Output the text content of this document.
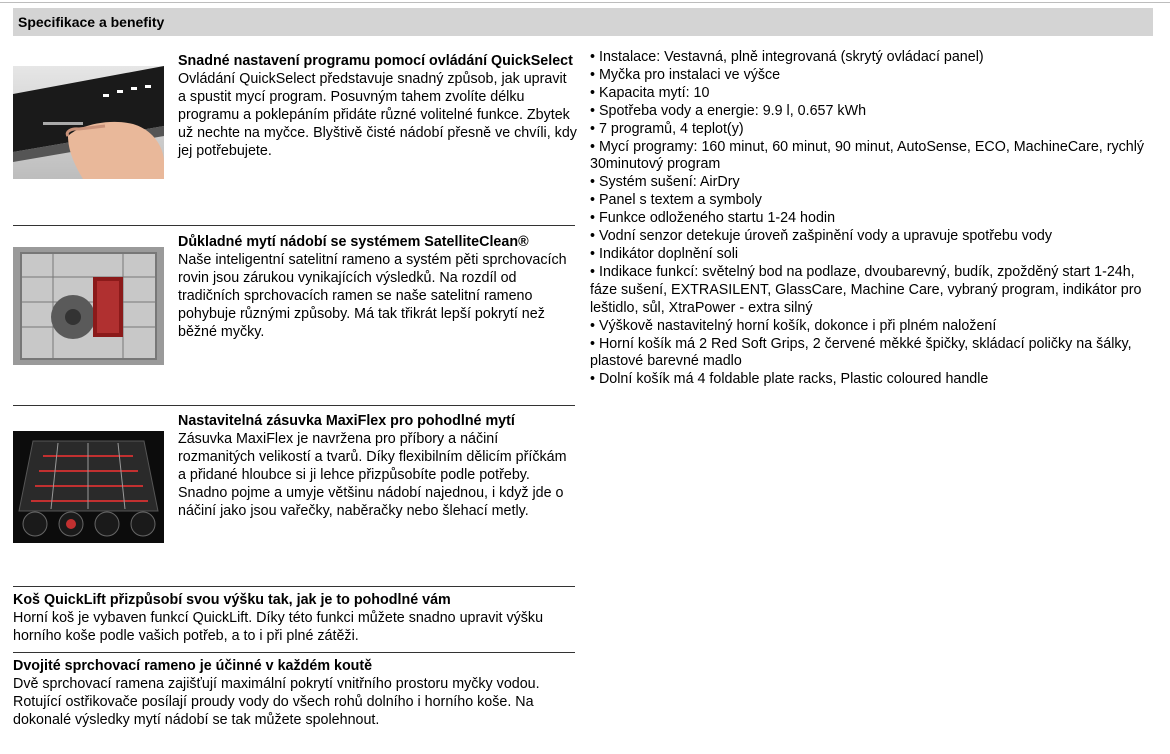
Specifikace a benefity
Snadné nastavení programu pomocí ovládání QuickSelect
Ovládání QuickSelect představuje snadný způsob, jak upravit a spustit mycí program. Posuvným tahem zvolíte délku programu a poklepáním přidáte různé volitelné funkce. Zbytek už nechte na myčce. Blyštivě čisté nádobí přesně ve chvíli, kdy jej potřebujete.
Důkladné mytí nádobí se systémem SatelliteClean®
Naše inteligentní satelitní rameno a systém pěti sprchovacích rovin jsou zárukou vynikajících výsledků. Na rozdíl od tradičních sprchovacích ramen se naše satelitní rameno pohybuje různými způsoby. Má tak třikrát lepší pokrytí než běžné myčky.
Nastavitelná zásuvka MaxiFlex pro pohodlné mytí
Zásuvka MaxiFlex je navržena pro příbory a náčiní rozmanitých velikostí a tvarů. Díky flexibilním dělicím příčkám a přidané hloubce si ji lehce přizpůsobíte podle potřeby. Snadno pojme a umyje většinu nádobí najednou, i když jde o náčiní jako jsou vařečky, naběračky nebo šlehací metly.
Koš QuickLift přizpůsobí svou výšku tak, jak je to pohodlné vám
Horní koš je vybaven funkcí QuickLift. Díky této funkci můžete snadno upravit výšku horního koše podle vašich potřeb, a to i při plné zátěži.
Dvojité sprchovací rameno je účinné v každém koutě
Dvě sprchovací ramena zajišťují maximální pokrytí vnitřního prostoru myčky vodou. Rotující ostřikovače posílají proudy vody do všech rohů dolního i horního koše. Na dokonalé výsledky mytí nádobí se tak můžete spolehnout.
• Instalace: Vestavná, plně integrovaná (skrytý ovládací panel)
• Myčka pro instalaci ve výšce
• Kapacita mytí: 10
• Spotřeba vody a energie: 9.9 l, 0.657 kWh
• 7 programů, 4 teplot(y)
• Mycí programy: 160 minut, 60 minut, 90 minut, AutoSense, ECO, MachineCare, rychlý 30minutový program
• Systém sušení: AirDry
• Panel s textem a symboly
• Funkce odloženého startu 1-24 hodin
• Vodní senzor detekuje úroveň zašpinění vody a upravuje spotřebu vody
• Indikátor doplnění soli
• Indikace funkcí: světelný bod na podlaze, dvoubarevný, budík, zpožděný start 1-24h, fáze sušení, EXTRASILENT, GlassCare, Machine Care, vybraný program, indikátor pro leštidlo, sůl, XtraPower - extra silný
• Výškově nastavitelný horní košík, dokonce i při plném naložení
• Horní košík má 2 Red Soft Grips, 2 červené měkké špičky, skládací poličky na šálky, plastové barevné madlo
• Dolní košík má 4 foldable plate racks, Plastic coloured handle
